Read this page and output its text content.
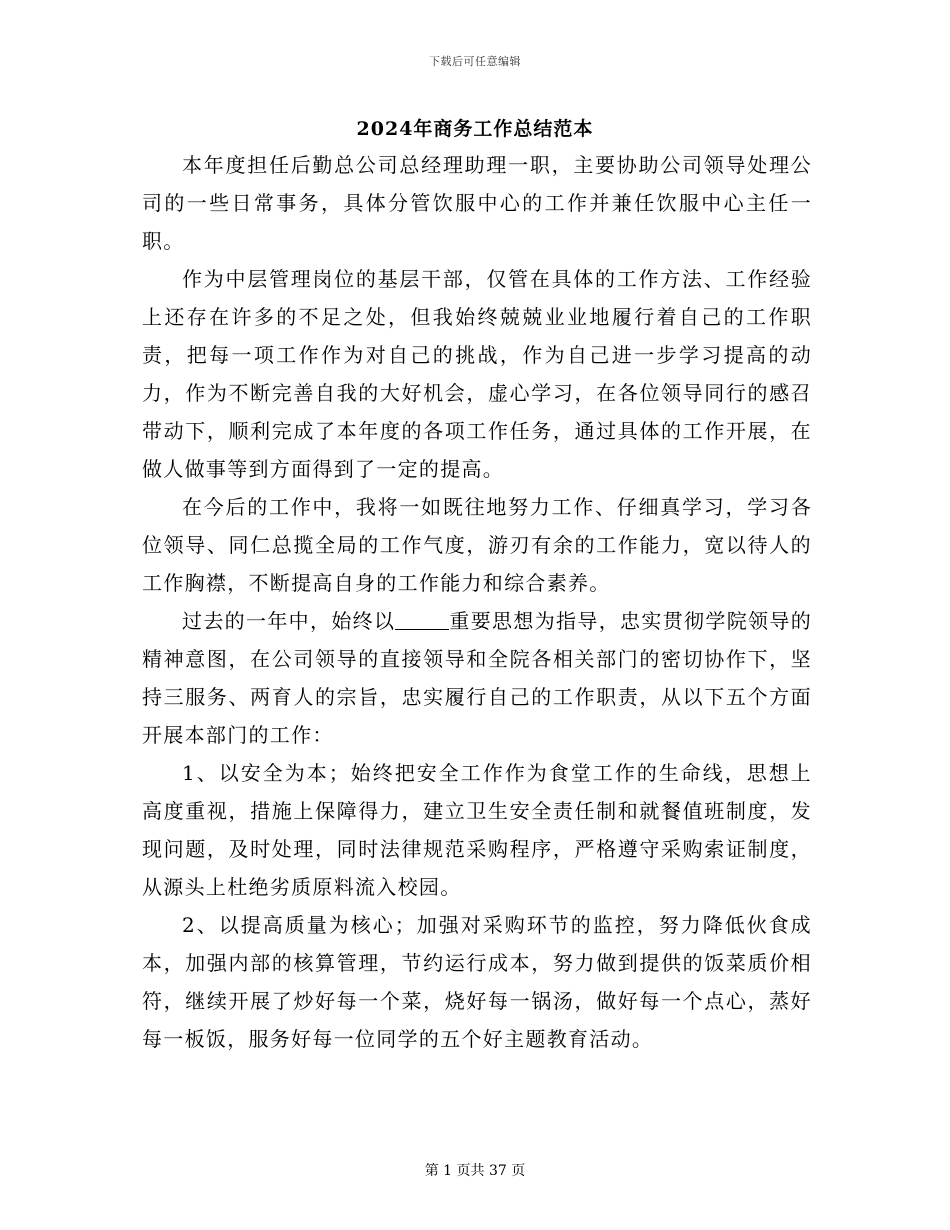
下载后可任意编辑
2024年商务工作总结范本

本年度担任后勤总公司总经理助理一职，主要协助公司领导处理公司的一些日常事务，具体分管饮服中心的工作并兼任饮服中心主任一职。

作为中层管理岗位的基层干部，仅管在具体的工作方法、工作经验上还存在许多的不足之处，但我始终兢兢业业地履行着自己的工作职责，把每一项工作作为对自己的挑战，作为自己进一步学习提高的动力，作为不断完善自我的大好机会，虚心学习，在各位领导同行的感召带动下，顺利完成了本年度的各项工作任务，通过具体的工作开展，在做人做事等到方面得到了一定的提高。

在今后的工作中，我将一如既往地努力工作、仔细真学习，学习各位领导、同仁总揽全局的工作气度，游刃有余的工作能力，宽以待人的工作胸襟，不断提高自身的工作能力和综合素养。

过去的一年中，始终以	重要思想为指导，忠实贯彻学院领导的精神意图，在公司领导的直接领导和全院各相关部门的密切协作下，坚持三服务、两育人的宗旨，忠实履行自己的工作职责，从以下五个方面开展本部门的工作：

1、以安全为本；始终把安全工作作为食堂工作的生命线，思想上高度重视，措施上保障得力，建立卫生安全责任制和就餐值班制度，发现问题，及时处理，同时法律规范采购程序，严格遵守采购索证制度，从源头上杜绝劣质原料流入校园。

2、以提高质量为核心；加强对采购环节的监控，努力降低伙食成本，加强内部的核算管理，节约运行成本，努力做到提供的饭菜质价相符，继续开展了炒好每一个菜，烧好每一锅汤，做好每一个点心，蒸好每一板饭，服务好每一位同学的五个好主题教育活动。

第 1 页共 37 页
